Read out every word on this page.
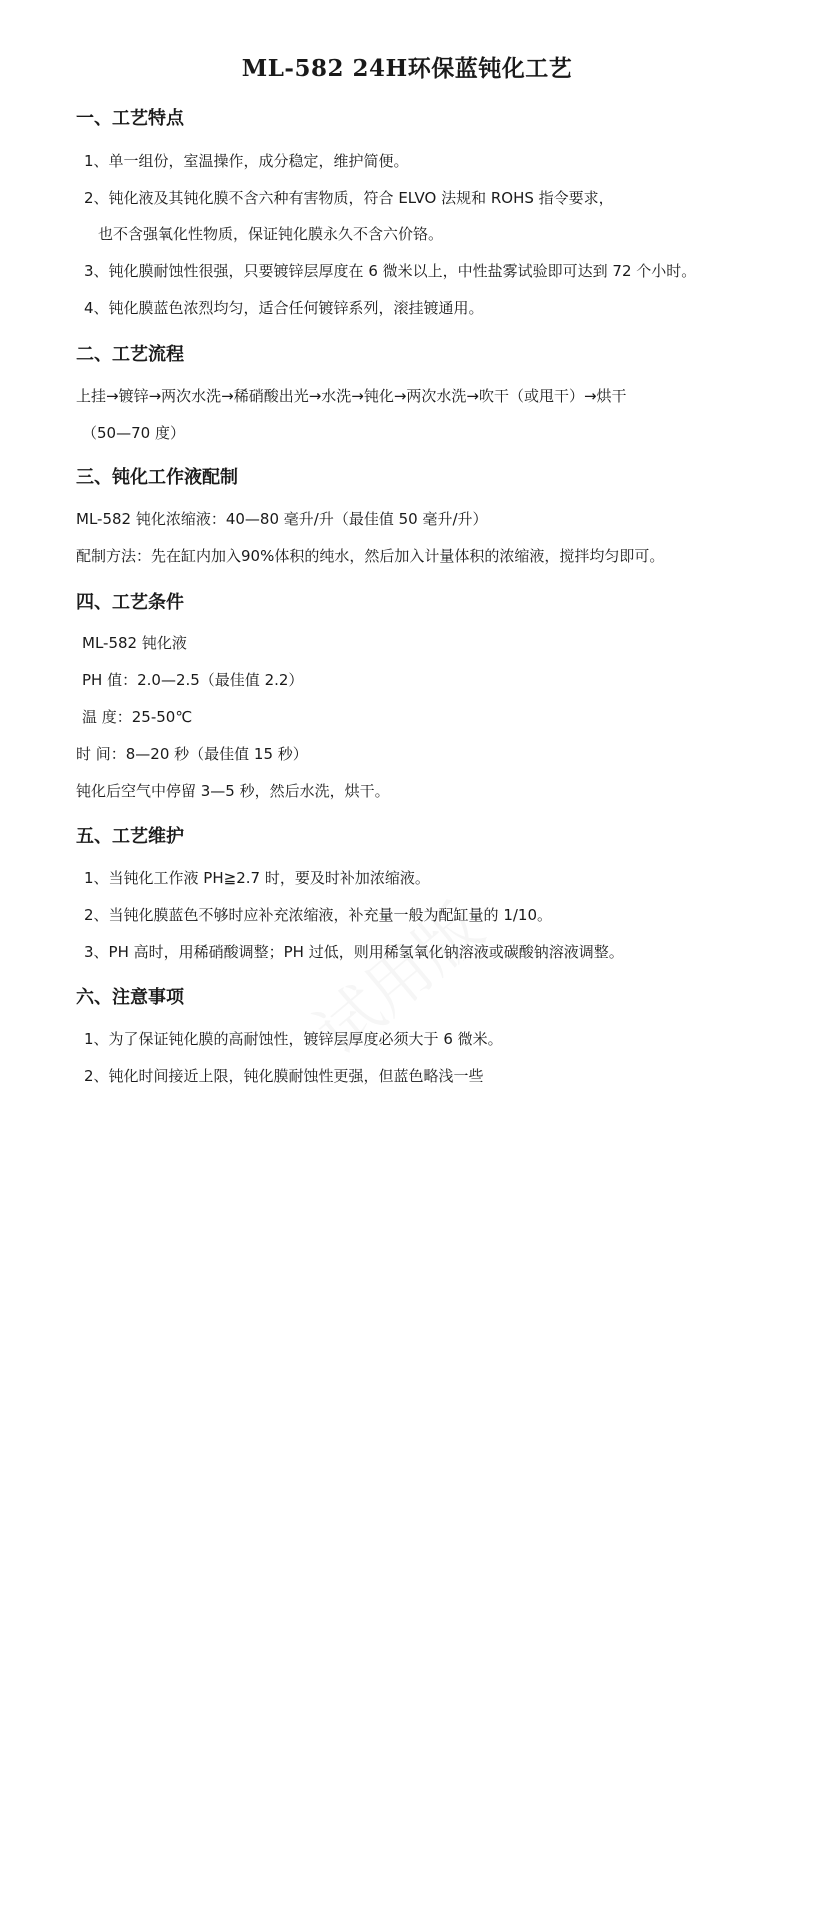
ML-582 24H环保蓝钝化工艺
一、工艺特点
1、单一组份，室温操作，成分稳定，维护简便。
2、钝化液及其钝化膜不含六种有害物质，符合 ELVO 法规和 ROHS 指令要求，
也不含强氧化性物质，保证钝化膜永久不含六价铬。
3、钝化膜耐蚀性很强，只要镀锌层厚度在 6 微米以上，中性盐雾试验即可达到 72 个小时。
4、钝化膜蓝色浓烈均匀，适合任何镀锌系列，滚挂镀通用。
二、工艺流程
上挂→镀锌→两次水洗→稀硝酸出光→水洗→钝化→两次水洗→吹干（或甩干）→烘干
（50—70 度）
三、钝化工作液配制
ML-582 钝化浓缩液：40—80 毫升/升（最佳值 50 毫升/升）
配制方法：先在缸内加入90%体积的纯水，然后加入计量体积的浓缩液，搅拌均匀即可。
四、工艺条件
ML-582 钝化液
PH 值：2.0—2.5（最佳值 2.2）
温 度：25-50℃
时 间：8—20 秒（最佳值 15 秒）
钝化后空气中停留 3—5 秒，然后水洗，烘干。
五、工艺维护
1、当钝化工作液 PH≧2.7 时，要及时补加浓缩液。
2、当钝化膜蓝色不够时应补充浓缩液，补充量一般为配缸量的 1/10。
3、PH 高时，用稀硝酸调整；PH 过低，则用稀氢氧化钠溶液或碳酸钠溶液调整。
六、注意事项
1、为了保证钝化膜的高耐蚀性，镀锌层厚度必须大于 6 微米。
2、钝化时间接近上限，钝化膜耐蚀性更强，但蓝色略浅一些
